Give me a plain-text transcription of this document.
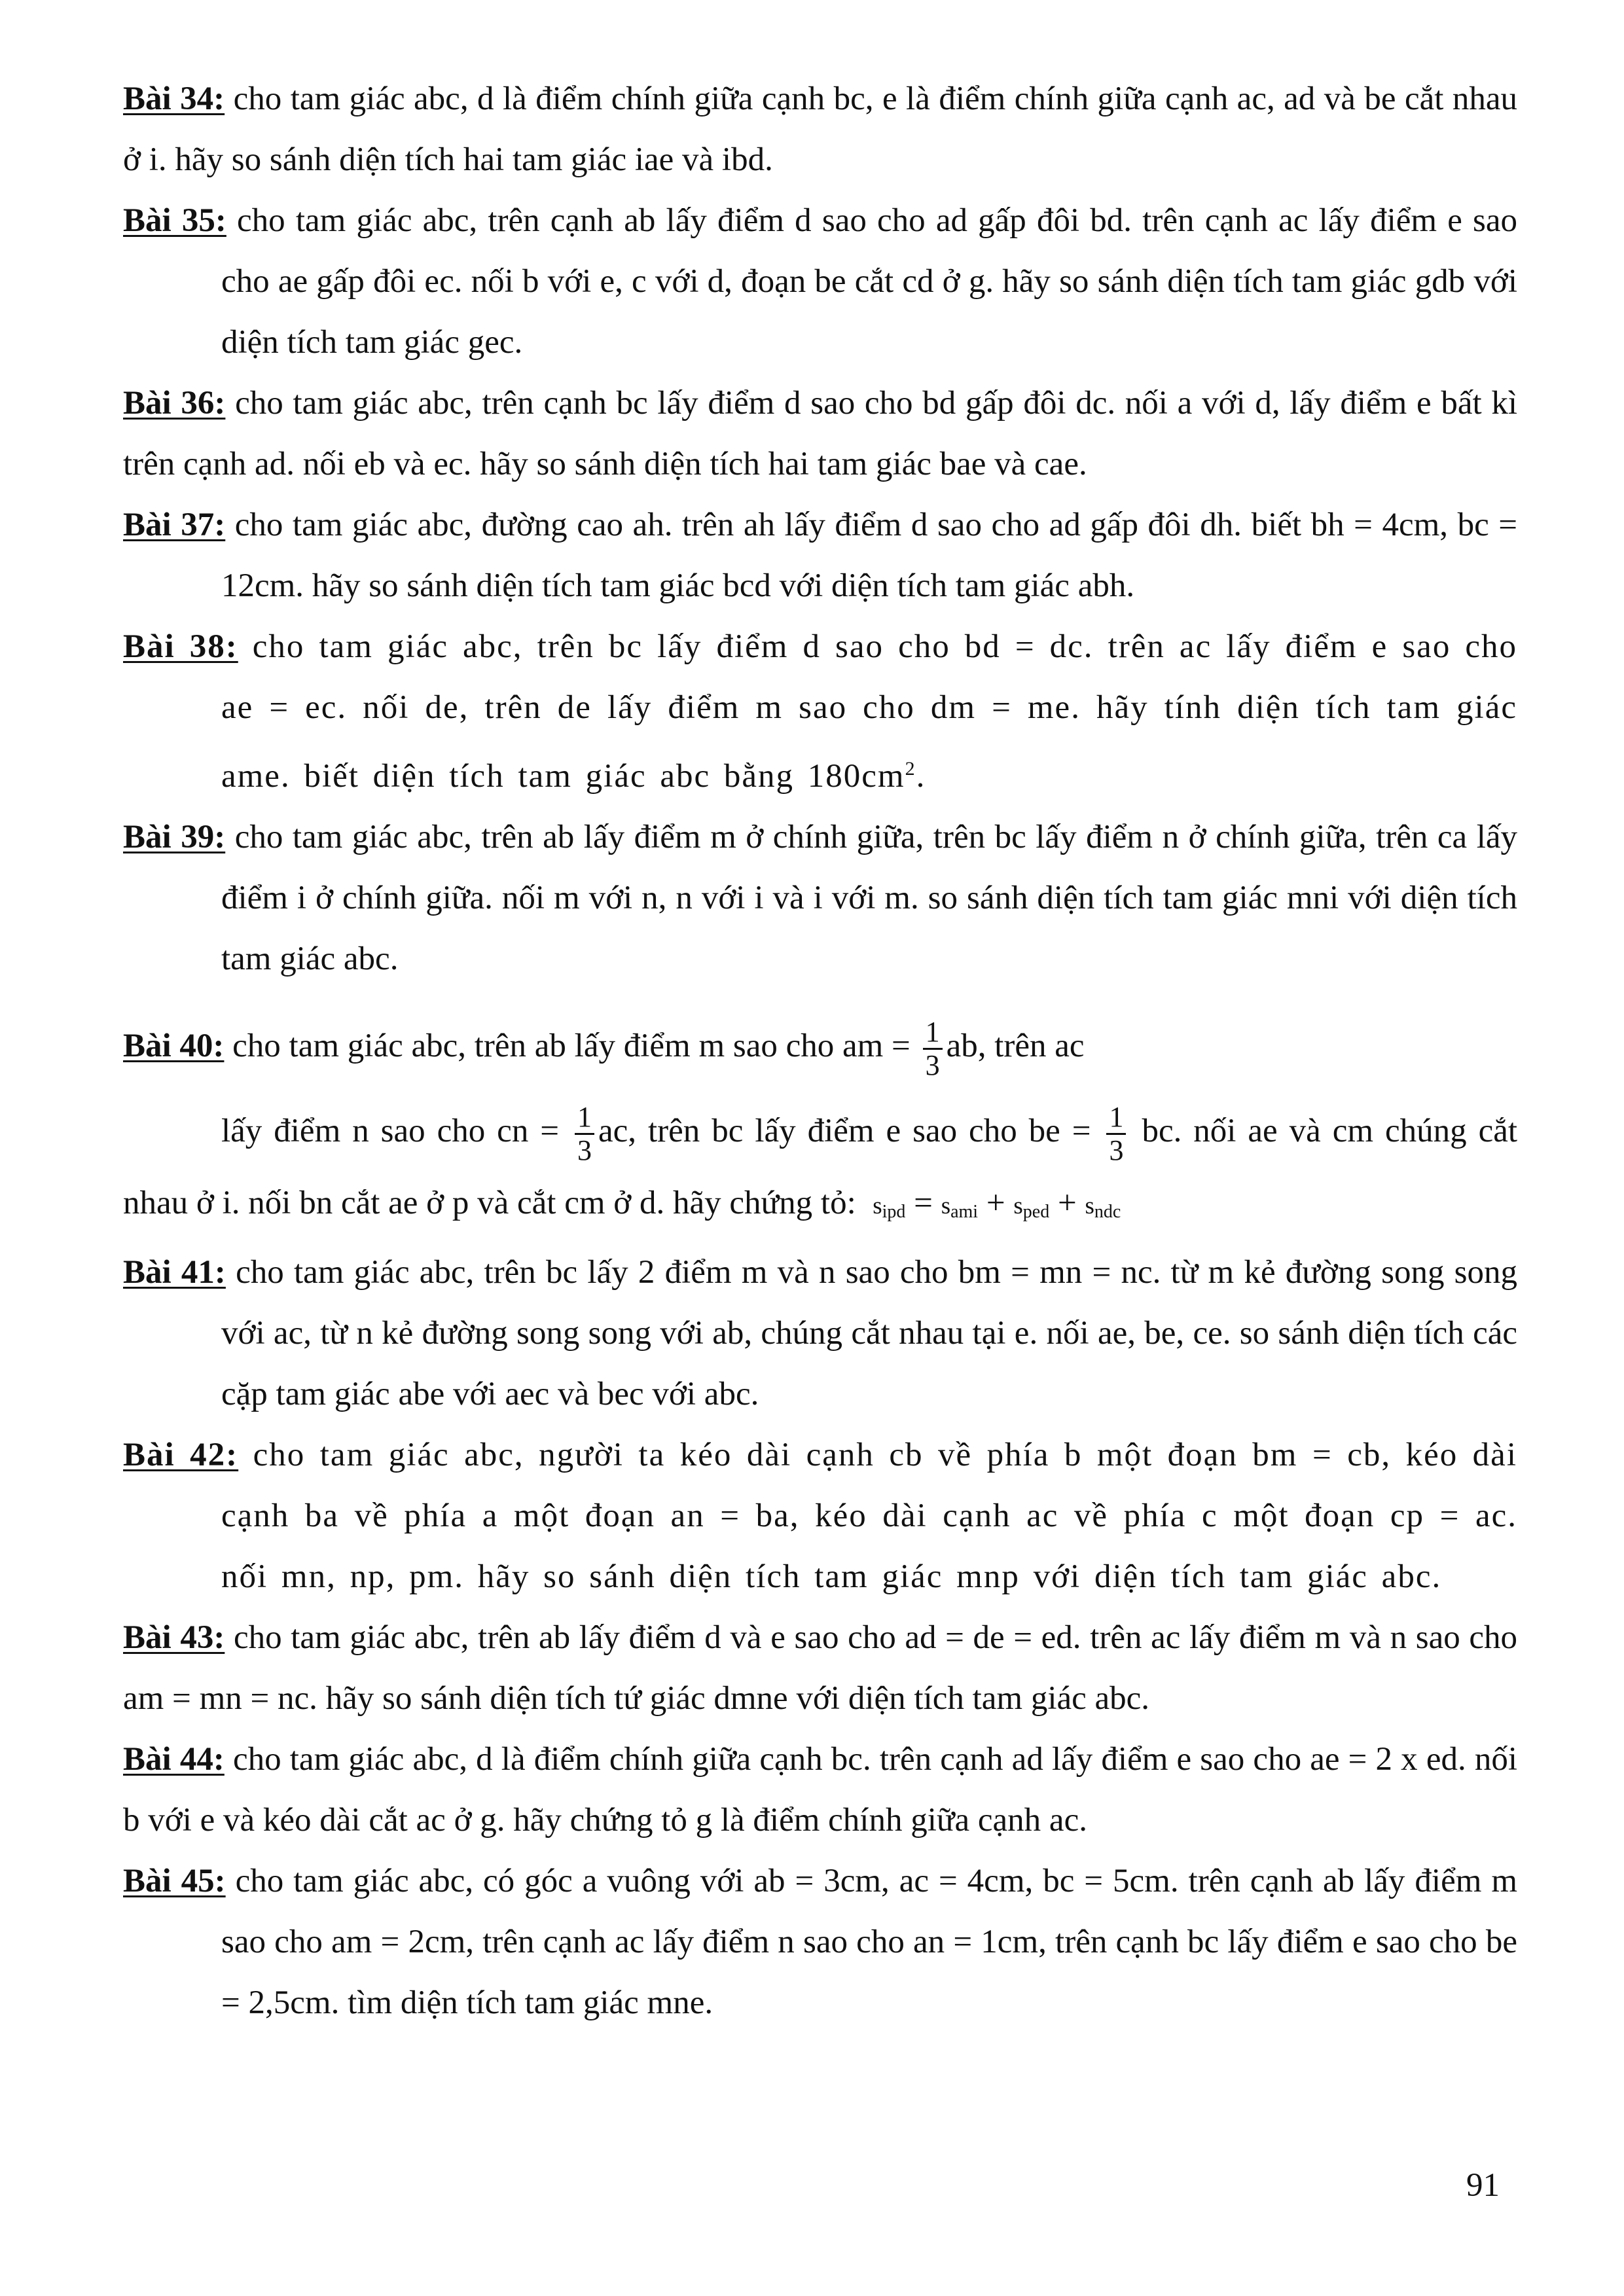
Bài 34: cho tam giác abc, d là điểm chính giữa cạnh bc, e là điểm chính giữa cạnh ac, ad và be cắt nhau ở i. hãy so sánh diện tích hai tam giác iae và ibd.
Bài 35: cho tam giác abc, trên cạnh ab lấy điểm d sao cho ad gấp đôi bd. trên cạnh ac lấy điểm e sao cho ae gấp đôi ec. nối b với e, c với d, đoạn be cắt cd ở g. hãy so sánh diện tích tam giác gdb với diện tích tam giác gec.
Bài 36: cho tam giác abc, trên cạnh bc lấy điểm d sao cho bd gấp đôi dc. nối a với d, lấy điểm e bất kì trên cạnh ad. nối eb và ec. hãy so sánh diện tích hai tam giác bae và cae.
Bài 37: cho tam giác abc, đường cao ah. trên ah lấy điểm d sao cho ad gấp đôi dh. biết bh = 4cm, bc = 12cm. hãy so sánh diện tích tam giác bcd với diện tích tam giác abh.
Bài 38: cho tam giác abc, trên bc lấy điểm d sao cho bd = dc. trên ac lấy điểm e sao cho ae = ec. nối de, trên de lấy điểm m sao cho dm = me. hãy tính diện tích tam giác ame. biết diện tích tam giác abc bằng $180cm^2$.
Bài 39: cho tam giác abc, trên ab lấy điểm m ở chính giữa, trên bc lấy điểm n ở chính giữa, trên ca lấy điểm i ở chính giữa. nối m với n, n với i và i với m. so sánh diện tích tam giác mni với diện tích tam giác abc.
Bài 40: cho tam giác abc, trên ab lấy điểm m sao cho am = $\frac{1}{3}$ ab, trên ac
lấy điểm n sao cho cn = $\frac{1}{3}$ ac, trên bc lấy điểm e sao cho be = $\frac{1}{3}$ bc. nối ae và cm chúng cắt
nhau ở i. nối bn cắt ae ở p và cắt cm ở d. hãy chứng tỏ: $s_{ipd} = s_{ami} + s_{ped} + s_{ndc}$
Bài 41: cho tam giác abc, trên bc lấy 2 điểm m và n sao cho bm = mn = nc. từ m kẻ đường song song với ac, từ n kẻ đường song song với ab, chúng cắt nhau tại e. nối ae, be, ce. so sánh diện tích các cặp tam giác abe với aec và bec với abc.
Bài 42: cho tam giác abc, người ta kéo dài cạnh cb về phía b một đoạn bm = cb, kéo dài cạnh ba về phía a một đoạn an = ba, kéo dài cạnh ac về phía c một đoạn cp = ac. nối mn, np, pm. hãy so sánh diện tích tam giác mnp với diện tích tam giác abc.
Bài 43: cho tam giác abc, trên ab lấy điểm d và e sao cho ad = de = ed. trên ac lấy điểm m và n sao cho am = mn = nc. hãy so sánh diện tích tứ giác dmne với diện tích tam giác abc.
Bài 44: cho tam giác abc, d là điểm chính giữa cạnh bc. trên cạnh ad lấy điểm e sao cho ae = 2 x ed. nối b với e và kéo dài cắt ac ở g. hãy chứng tỏ g là điểm chính giữa cạnh ac.
Bài 45: cho tam giác abc, có góc a vuông với ab = 3cm, ac = 4cm, bc = 5cm. trên cạnh ab lấy điểm m sao cho am = 2cm, trên cạnh ac lấy điểm n sao cho an = 1cm, trên cạnh bc lấy điểm e sao cho be = 2,5cm. tìm diện tích tam giác mne.
91
